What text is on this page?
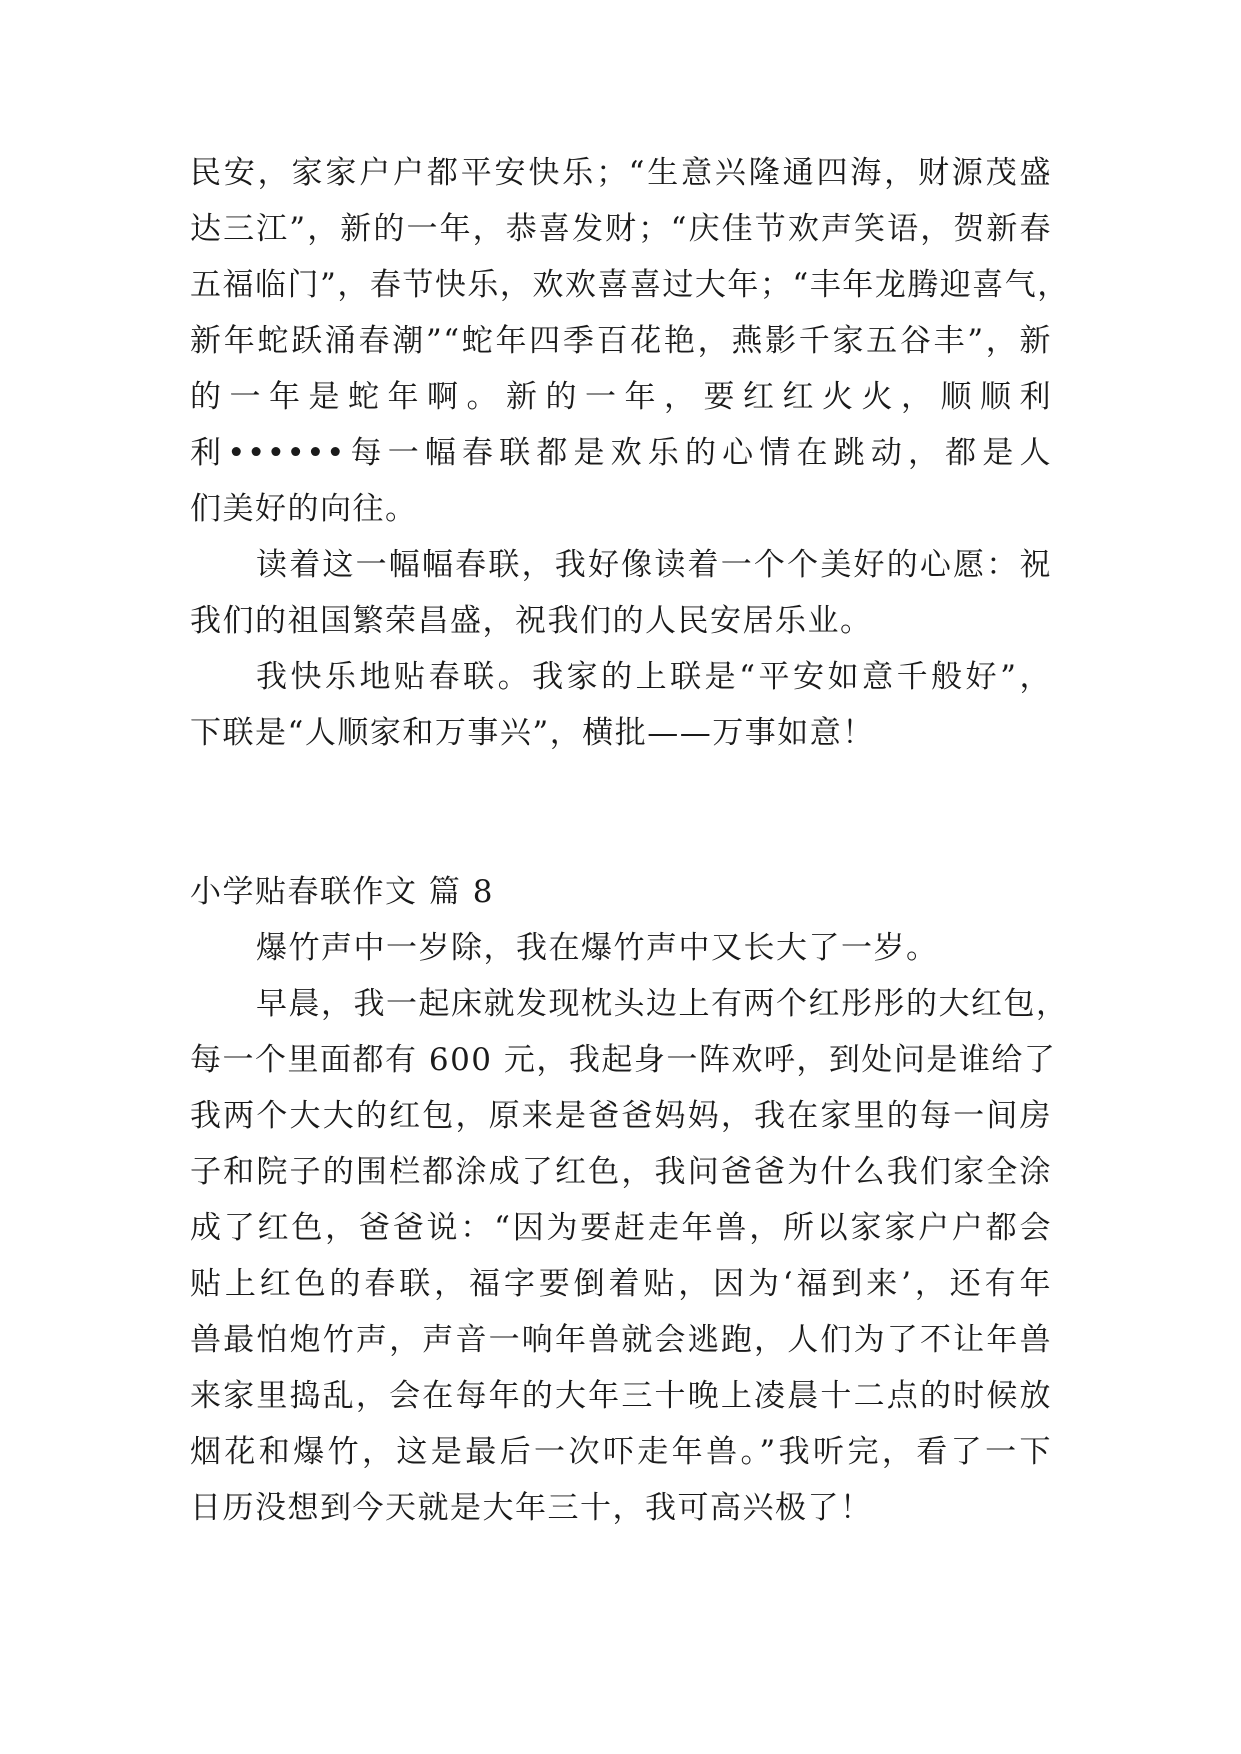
民安，家家户户都平安快乐；“生意兴隆通四海，财源茂盛
达三江”，新的一年，恭喜发财；“庆佳节欢声笑语，贺新春
五福临门”，春节快乐，欢欢喜喜过大年；“丰年龙腾迎喜气，
新年蛇跃涌春潮”“蛇年四季百花艳，燕影千家五谷丰”，新
的一年是蛇年啊。新的一年，要红红火火，顺顺利
利••••••每一幅春联都是欢乐的心情在跳动，都是人
们美好的向往。
读着这一幅幅春联，我好像读着一个个美好的心愿：祝
我们的祖国繁荣昌盛，祝我们的人民安居乐业。
我快乐地贴春联。我家的上联是“平安如意千般好”，
下联是“人顺家和万事兴”，横批——万事如意！
小学贴春联作文 篇 8
爆竹声中一岁除，我在爆竹声中又长大了一岁。
早晨，我一起床就发现枕头边上有两个红彤彤的大红包，
每一个里面都有 600 元，我起身一阵欢呼，到处问是谁给了
我两个大大的红包，原来是爸爸妈妈，我在家里的每一间房
子和院子的围栏都涂成了红色，我问爸爸为什么我们家全涂
成了红色，爸爸说：“因为要赶走年兽，所以家家户户都会
贴上红色的春联，福字要倒着贴，因为‘福到来’，还有年
兽最怕炮竹声，声音一响年兽就会逃跑，人们为了不让年兽
来家里捣乱，会在每年的大年三十晚上凌晨十二点的时候放
烟花和爆竹，这是最后一次吓走年兽。”我听完，看了一下
日历没想到今天就是大年三十，我可高兴极了！
